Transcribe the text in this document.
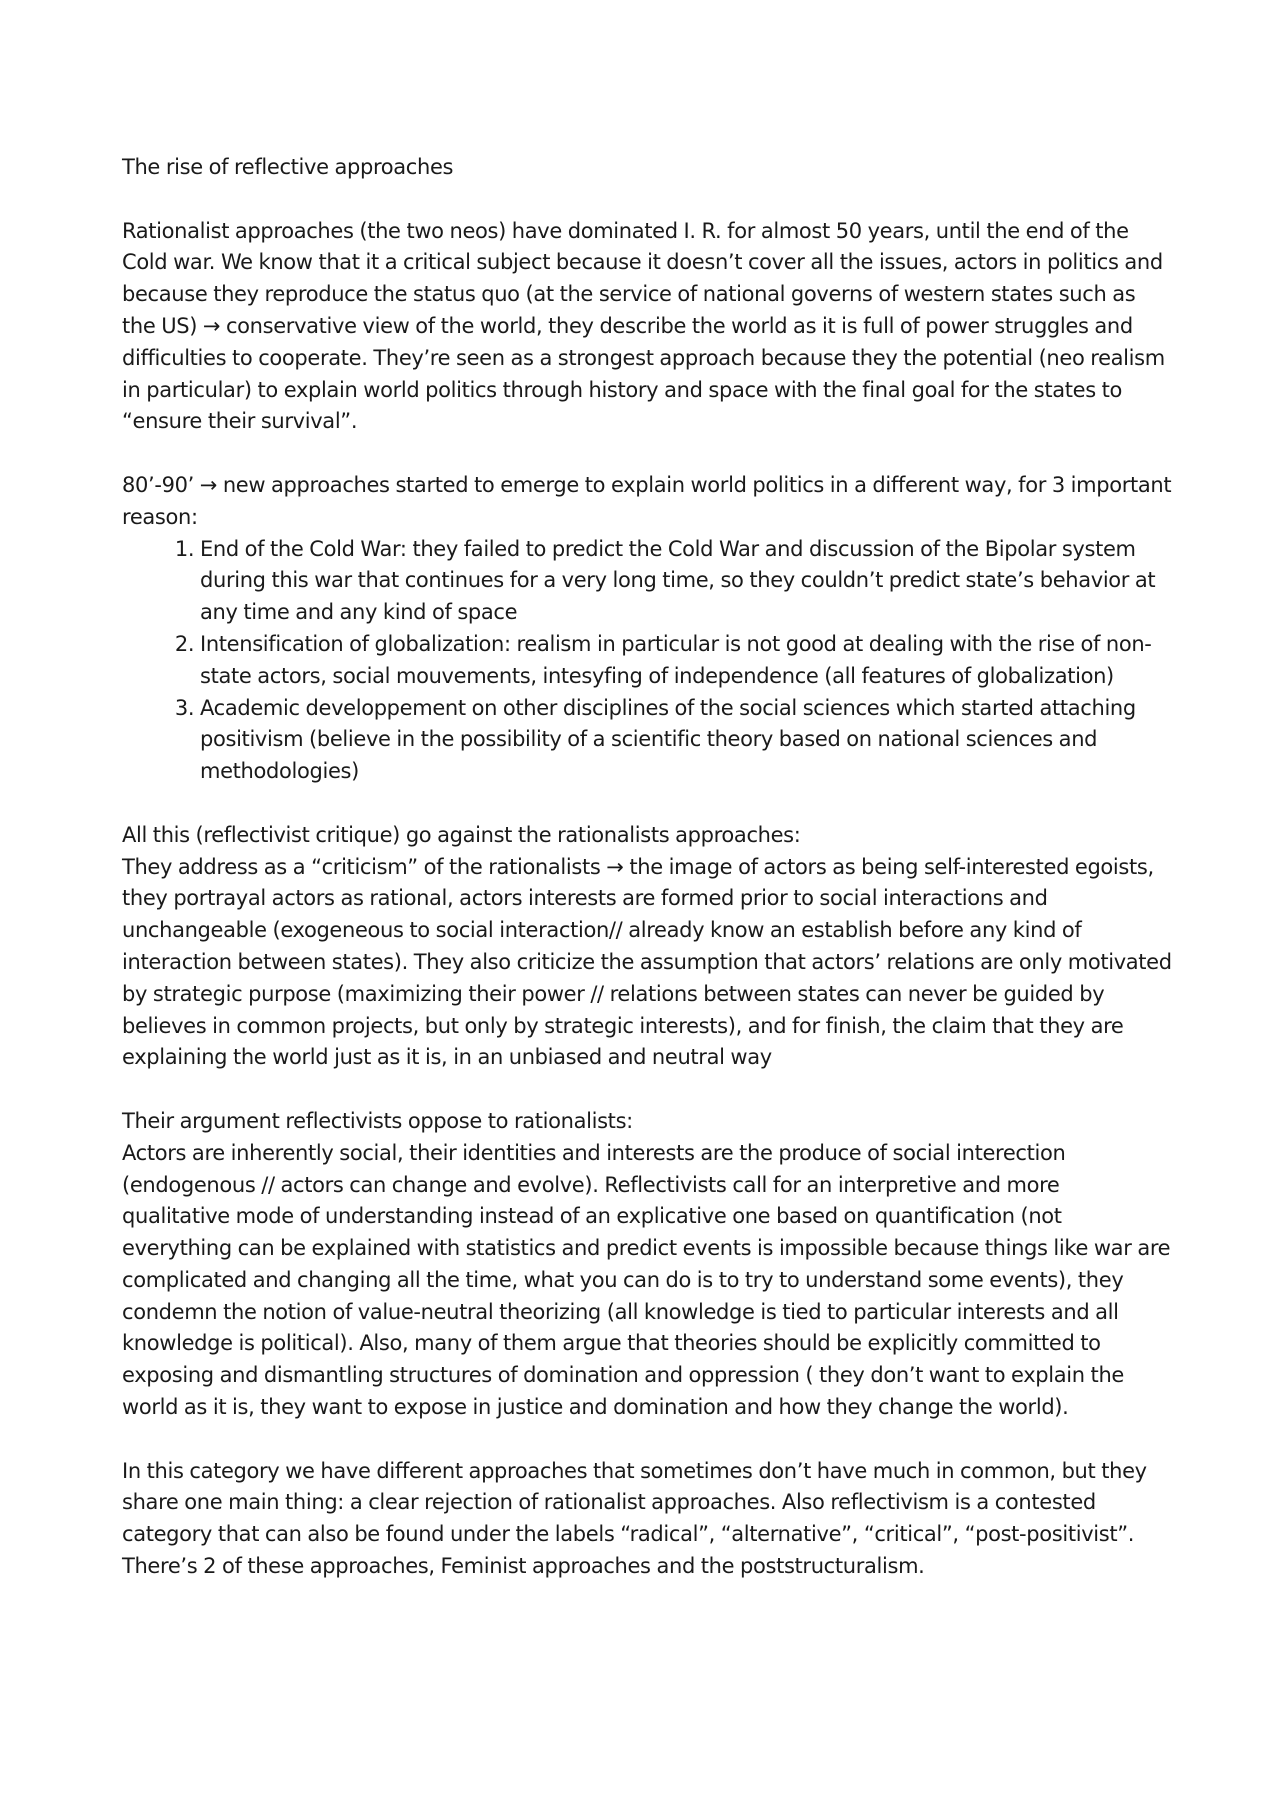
The rise of reflective approaches

Rationalist approaches (the two neos) have dominated I. R. for almost 50 years, until the end of the Cold war. We know that it a critical subject because it doesn’t cover all the issues, actors in politics and because they reproduce the status quo (at the service of national governs of western states such as the US) → conservative view of the world, they describe the world as it is full of power struggles and difficulties to cooperate. They’re seen as a strongest approach because they the potential (neo realism in particular) to explain world politics through history and space with the final goal for the states to “ensure their survival”.

80’-90’ → new approaches started to emerge to explain world politics in a different way, for 3 important reason:

1. End of the Cold War: they failed to predict the Cold War and discussion of the Bipolar system during this war that continues for a very long time, so they couldn’t predict state’s behavior at any time and any kind of space
2. Intensification of globalization: realism in particular is not good at dealing with the rise of non-state actors, social mouvements, intesyfing of independence (all features of globalization)
3. Academic developpement on other disciplines of the social sciences which started attaching positivism (believe in the possibility of a scientific theory based on national sciences and methodologies)

All this (reflectivist critique) go against the rationalists approaches:

They address as a “criticism” of the rationalists → the image of actors as being self-interested egoists, they portrayal actors as rational, actors interests are formed prior to social interactions and unchangeable (exogeneous to social interaction// already know an establish before any kind of interaction between states). They also criticize the assumption that actors’ relations are only motivated by strategic purpose (maximizing their power // relations between states can never be guided by believes in common projects, but only by strategic interests), and for finish, the claim that they are explaining the world just as it is, in an unbiased and neutral way

Their argument reflectivists oppose to rationalists:

Actors are inherently social, their identities and interests are the produce of social interection (endogenous // actors can change and evolve). Reflectivists call for an interpretive and more qualitative mode of understanding instead of an explicative one based on quantification (not everything can be explained with statistics and predict events is impossible because things like war are complicated and changing all the time, what you can do is to try to understand some events), they condemn the notion of value-neutral theorizing (all knowledge is tied to particular interests and all knowledge is political). Also, many of them argue that theories should be explicitly committed to exposing and dismantling structures of domination and oppression ( they don’t want to explain the world as it is, they want to expose in justice and domination and how they change the world).

In this category we have different approaches that sometimes don’t have much in common, but they share one main thing: a clear rejection of rationalist approaches. Also reflectivism is a contested category that can also be found under the labels “radical”, “alternative”, “critical”, “post-positivist”.

There’s 2 of these approaches, Feminist approaches and the poststructuralism.
